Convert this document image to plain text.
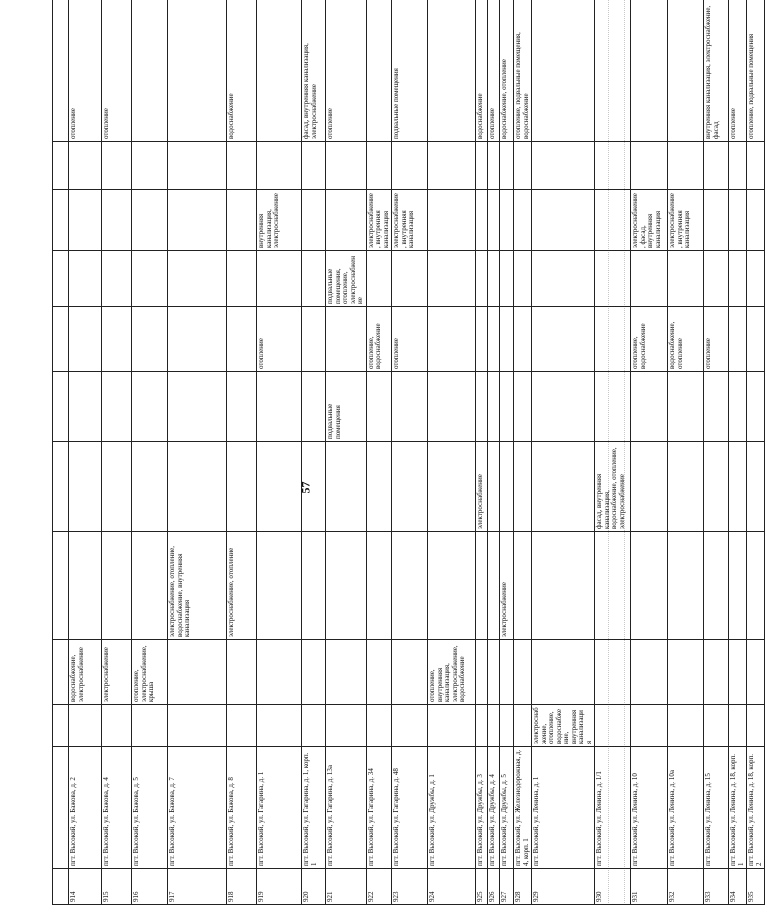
57

914	пгт. Высокий, ул. Бажова, д. 2		водоснабжение, электроснабжение								отопление
915	пгт. Высокий, ул. Бажова, д. 4		электроснабжение								отопление
916	пгт. Высокий, ул. Бажова, д. 5		отопление, электроснабжение, крыша								
917	пгт. Высокий, ул. Бажова, д. 7			электроснабжение, отопление, водоснабжение, внутренняя канализация							
918	пгт. Высокий, ул. Бажова, д. 8			электроснабжение, отопление							водоснабжение
919	пгт. Высокий, ул. Гагарина, д. 1						отопление		внутренняя канализация, электроснабжение		
920	пгт. Высокий, ул. Гагарина, д. 1, корп. 1										фасад, внутренняя канализация, электроснабжение
921	пгт. Высокий, ул. Гагарина, д. 13а					подвальные помещения		подвальные помещения, отопление, электроснабжение			отопление
922	пгт. Высокий, ул. Гагарина, д. 34						отопление, водоснабжение		электроснабжение, внутренняя канализация		
923	пгт. Высокий, ул. Гагарина, д. 48						отопление		электроснабжение, внутренняя канализация		подвальные помещения
924	пгт. Высокий, ул. Дружбы, д. 1		отопление, внутренняя канализация, электроснабжение, водоснабжение								
925	пгт. Высокий, ул. Дружбы, д. 3				электроснабжение						водоснабжение
926	пгт. Высокий, ул. Дружбы, д. 4										отопление
927	пгт. Высокий, ул. Дружбы, д. 5			электроснабжение							водоснабжение, отопление
928	пгт. Высокий, ул. Железнодорожная, д. 4, корп. 1										отопление, подвальные помещения, водоснабжение
929	пгт. Высокий, ул. Ленина, д. 1	электроснабжение, отопление, водоснабжение, внутренняя канализация									
930	пгт. Высокий, ул. Ленина, д. 1/1				фасад, внутренняя канализация, водоснабжение, отопление, электроснабжение						
931	пгт. Высокий, ул. Ленина, д. 10						отопление, водоснабжение		электроснабжение, фасад, внутренняя канализация		
932	пгт. Высокий, ул. Ленина, д. 10а						водоснабжение, отопление		электроснабжение, внутренняя канализация		
933	пгт. Высокий, ул. Ленина, д. 15						отопление				внутренняя канализация, электроснабжение, фасад
934	пгт. Высокий, ул. Ленина, д. 18, корп. 1										отопление
935	пгт. Высокий, ул. Ленина, д. 18, корп. 2										отопление, подвальные помещения
